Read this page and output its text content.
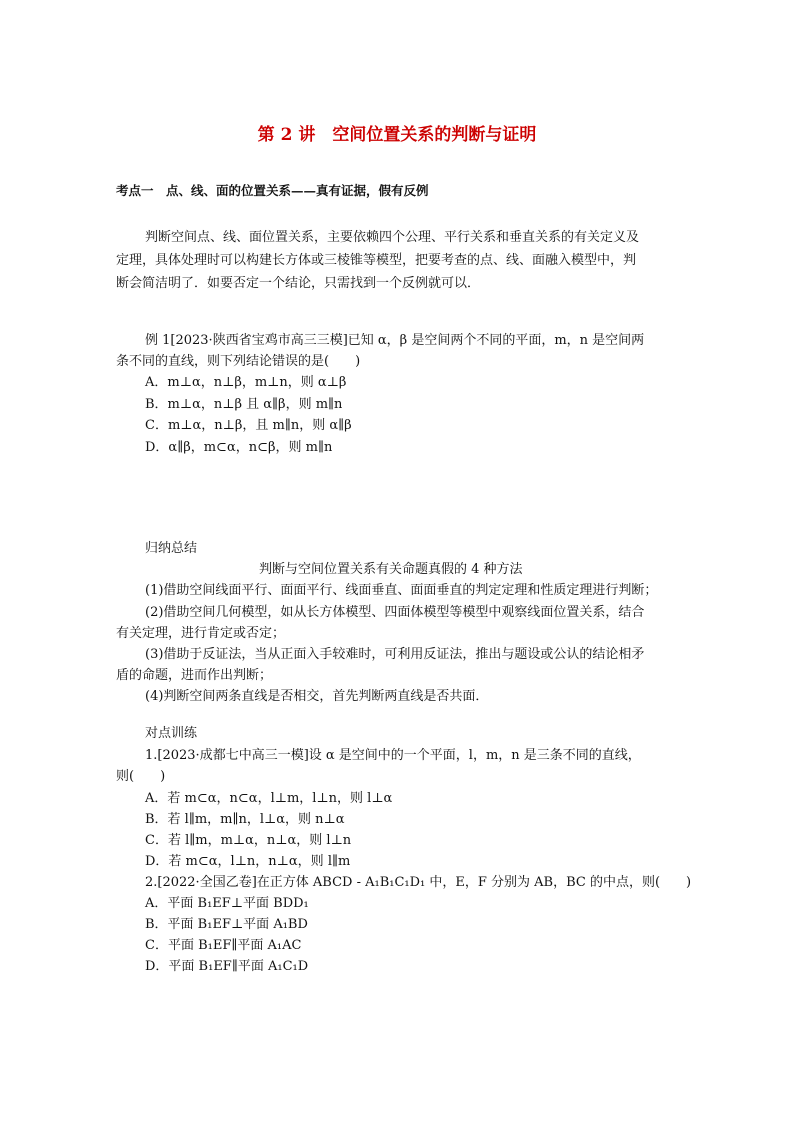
第 2 讲　空间位置关系的判断与证明
考点一　点、线、面的位置关系——真有证据，假有反例
判断空间点、线、面位置关系，主要依赖四个公理、平行关系和垂直关系的有关定义及
定理，具体处理时可以构建长方体或三棱锥等模型，把要考查的点、线、面融入模型中，判
断会简洁明了．如要否定一个结论，只需找到一个反例就可以．
例 1[2023·陕西省宝鸡市高三三模]已知 α，β 是空间两个不同的平面，m，n 是空间两
条不同的直线，则下列结论错误的是(　　)
A．m⊥α，n⊥β，m⊥n，则 α⊥β
B．m⊥α，n⊥β 且 α∥β，则 m∥n
C．m⊥α，n⊥β，且 m∥n，则 α∥β
D．α∥β，m⊂α，n⊂β，则 m∥n
归纳总结
判断与空间位置关系有关命题真假的 4 种方法
(1)借助空间线面平行、面面平行、线面垂直、面面垂直的判定定理和性质定理进行判断；
(2)借助空间几何模型，如从长方体模型、四面体模型等模型中观察线面位置关系，结合
有关定理，进行肯定或否定；
(3)借助于反证法，当从正面入手较难时，可利用反证法，推出与题设或公认的结论相矛
盾的命题，进而作出判断；
(4)判断空间两条直线是否相交，首先判断两直线是否共面．
对点训练
1.[2023·成都七中高三一模]设 α 是空间中的一个平面，l，m，n 是三条不同的直线，
则(　　)
A．若 m⊂α，n⊂α，l⊥m，l⊥n，则 l⊥α
B．若 l∥m，m∥n，l⊥α，则 n⊥α
C．若 l∥m，m⊥α，n⊥α，则 l⊥n
D．若 m⊂α，l⊥n，n⊥α，则 l∥m
2.[2022·全国乙卷]在正方体 ABCD - A₁B₁C₁D₁ 中，E，F 分别为 AB，BC 的中点，则(　　)
A．平面 B₁EF⊥平面 BDD₁
B．平面 B₁EF⊥平面 A₁BD
C．平面 B₁EF∥平面 A₁AC
D．平面 B₁EF∥平面 A₁C₁D
